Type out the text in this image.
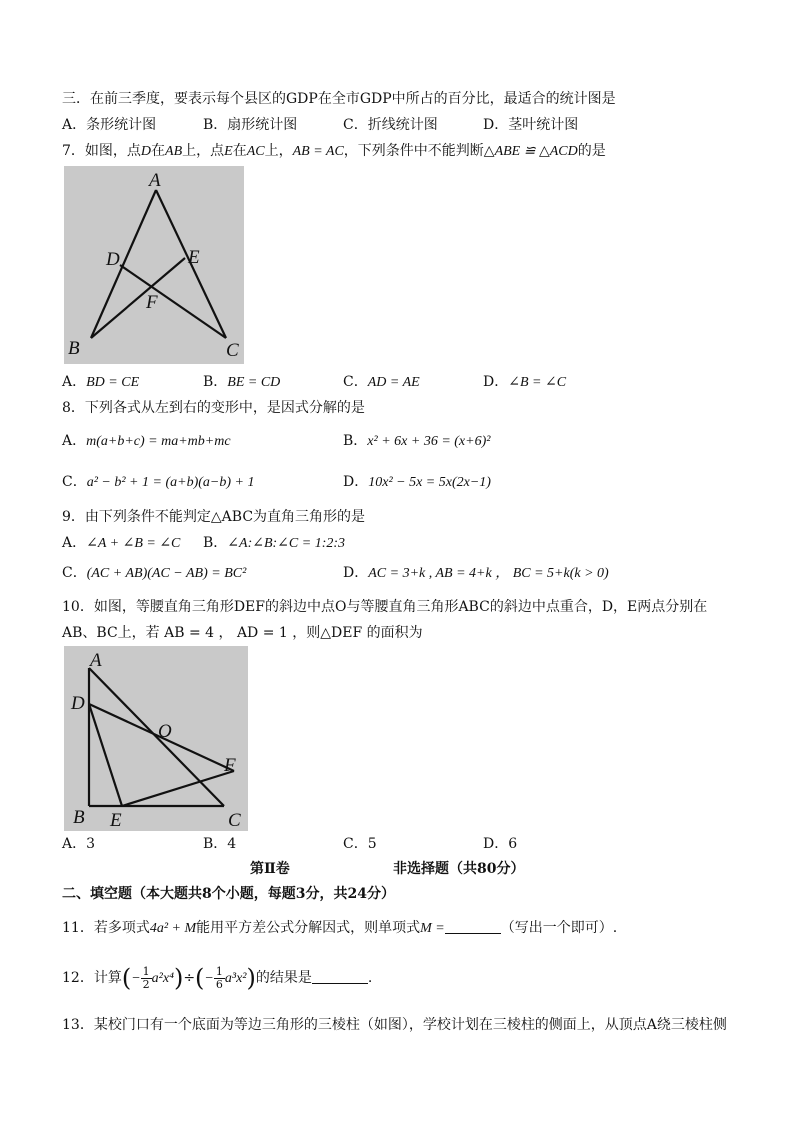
三．在前三季度，要表示每个县区的GDP在全市GDP中所占的百分比，最适合的统计图是
A．条形统计图	B．扇形统计图	C．折线统计图	D．茎叶统计图
7．如图，点D在AB上，点E在AC上，AB = AC，下列条件中不能判断△ABE ≌ △ACD的是
A
D	E
F
B	C
A．BD = CE	B．BE = CD	C．AD = AE	D．∠B = ∠C
8．下列各式从左到右的变形中，是因式分解的是
A．m(a+b+c) = ma+mb+mc	B．x² + 6x + 36 = (x+6)²
C．a² − b² + 1 = (a+b)(a−b) + 1	D．10x² − 5x = 5x(2x−1)
9．由下列条件不能判定△ABC为直角三角形的是
A．∠A + ∠B = ∠C B．∠A:∠B:∠C = 1:2:3
C．(AC + AB)(AC − AB) = BC²	D．AC = 3+k , AB = 4+k ， BC = 5+k(k > 0)
10．如图，等腰直角三角形DEF的斜边中点O与等腰直角三角形ABC的斜边中点重合，D，E两点分别在
AB、BC上，若 AB = 4 ， AD = 1 ，则△DEF 的面积为
A
D
O
F
B E	C
A．3	B．4	C．5	D．6
第Ⅱ卷	非选择题（共80分）
二、填空题（本大题共8个小题，每题3分，共24分）
11．若多项式4a² + M能用平方差公式分解因式，则单项式M =	（写出一个即可）.
12．计算(− $\frac{1}{2} a^2x^4)\div(- \frac{1}{6} a^3x^2)$的结果是	.
13．某校门口有一个底面为等边三角形的三棱柱（如图），学校计划在三棱柱的侧面上，从顶点A绕三棱柱侧
